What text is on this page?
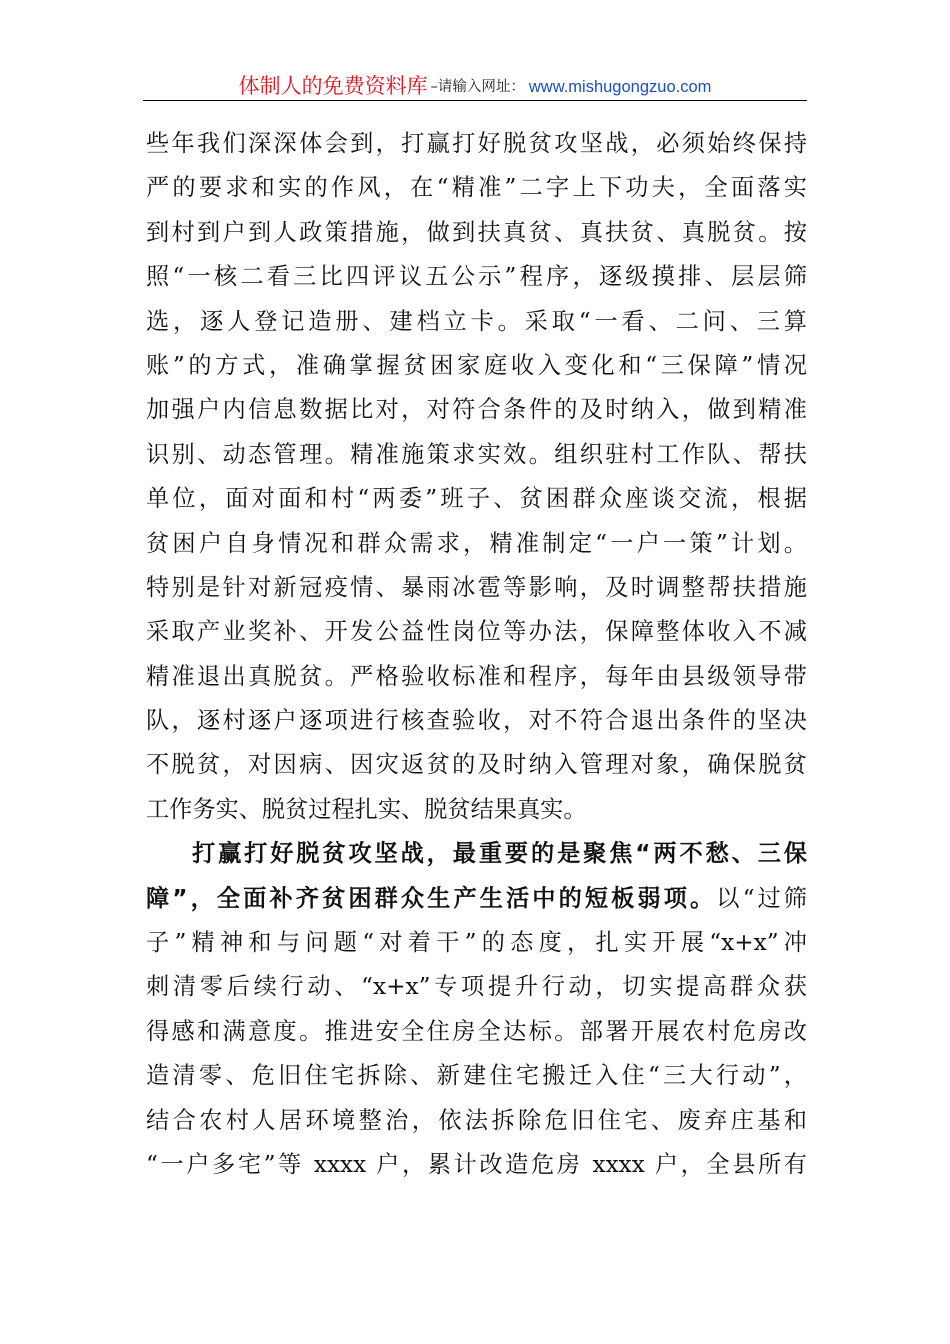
体制人的免费资料库 –请输入网址： www.mishugongzuo.com
些年我们深深体会到，打赢打好脱贫攻坚战，必须始终保持
严的要求和实的作风，在“精准”二字上下功夫，全面落实
到村到户到人政策措施，做到扶真贫、真扶贫、真脱贫。按
照“一核二看三比四评议五公示”程序，逐级摸排、层层筛
选，逐人登记造册、建档立卡。采取“一看、二问、三算
账”的方式，准确掌握贫困家庭收入变化和“三保障”情况
加强户内信息数据比对，对符合条件的及时纳入，做到精准
识别、动态管理。精准施策求实效。组织驻村工作队、帮扶
单位，面对面和村“两委”班子、贫困群众座谈交流，根据
贫困户自身情况和群众需求，精准制定“一户一策”计划。
特别是针对新冠疫情、暴雨冰雹等影响，及时调整帮扶措施
采取产业奖补、开发公益性岗位等办法，保障整体收入不减
精准退出真脱贫。严格验收标准和程序，每年由县级领导带
队，逐村逐户逐项进行核查验收，对不符合退出条件的坚决
不脱贫，对因病、因灾返贫的及时纳入管理对象，确保脱贫
工作务实、脱贫过程扎实、脱贫结果真实。
打赢打好脱贫攻坚战，最重要的是聚焦“两不愁、三保
障”，全面补齐贫困群众生产生活中的短板弱项。以“过筛
子”精神和与问题“对着干”的态度，扎实开展“x+x”冲
刺清零后续行动、“x+x”专项提升行动，切实提高群众获
得感和满意度。推进安全住房全达标。部署开展农村危房改
造清零、危旧住宅拆除、新建住宅搬迁入住“三大行动”，
结合农村人居环境整治，依法拆除危旧住宅、废弃庄基和
“一户多宅”等 xxxx 户，累计改造危房 xxxx 户，全县所有
